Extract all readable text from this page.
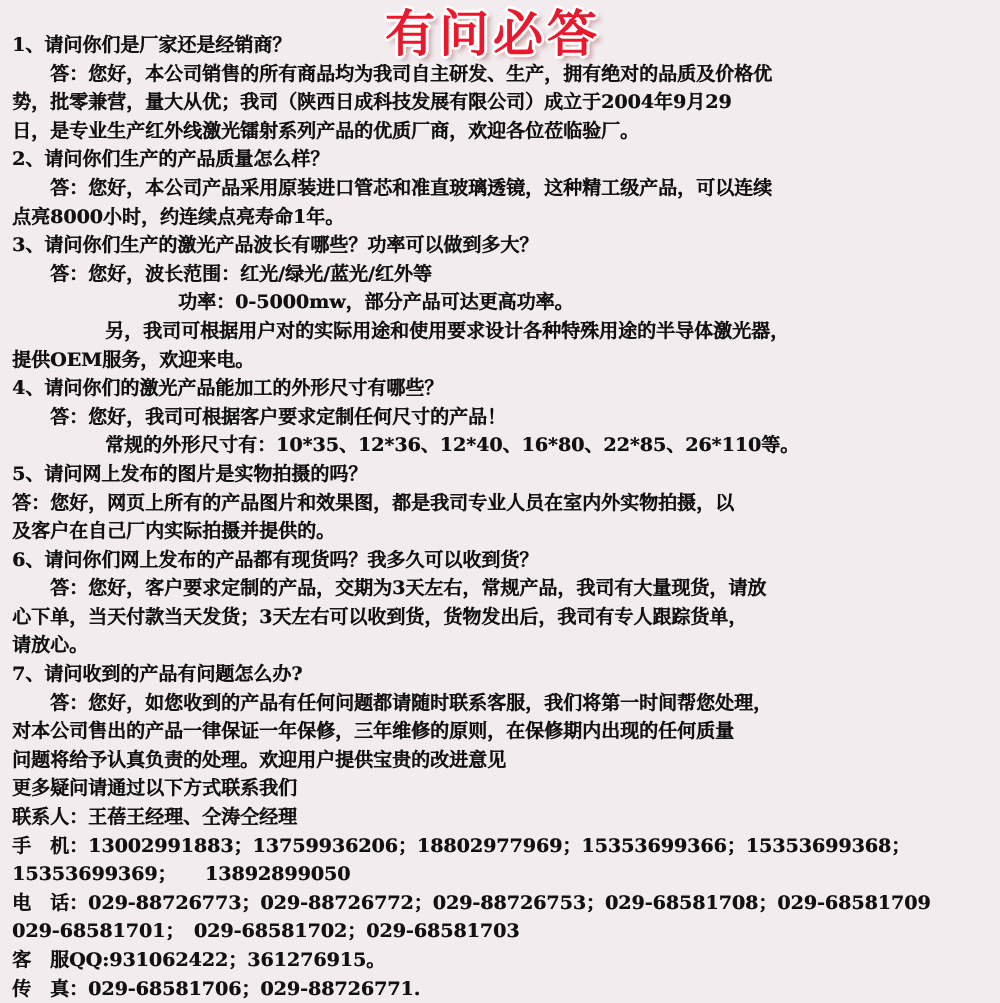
有问必答
1、请问你们是厂家还是经销商？
答：您好，本公司销售的所有商品均为我司自主研发、生产，拥有绝对的品质及价格优
势，批零兼营，量大从优；我司（陕西日成科技发展有限公司）成立于2004年9月29
日，是专业生产红外线激光镭射系列产品的优质厂商，欢迎各位莅临验厂。
2、请问你们生产的产品质量怎么样？
答：您好，本公司产品采用原装进口管芯和准直玻璃透镜，这种精工级产品，可以连续
点亮8000小时，约连续点亮寿命1年。
3、请问你们生产的激光产品波长有哪些？功率可以做到多大？
答：您好，波长范围：红光/绿光/蓝光/红外等
功率：0-5000mw，部分产品可达更高功率。
另，我司可根据用户对的实际用途和使用要求设计各种特殊用途的半导体激光器，
提供OEM服务，欢迎来电。
4、请问你们的激光产品能加工的外形尺寸有哪些？
答：您好，我司可根据客户要求定制任何尺寸的产品！
常规的外形尺寸有：10*35、12*36、12*40、16*80、22*85、26*110等。
5、请问网上发布的图片是实物拍摄的吗？
答：您好，网页上所有的产品图片和效果图，都是我司专业人员在室内外实物拍摄，以
及客户在自己厂内实际拍摄并提供的。
6、请问你们网上发布的产品都有现货吗？我多久可以收到货？
答：您好，客户要求定制的产品，交期为3天左右，常规产品，我司有大量现货，请放
心下单，当天付款当天发货；3天左右可以收到货，货物发出后，我司有专人跟踪货单，
请放心。
7、请问收到的产品有问题怎么办?
答：您好，如您收到的产品有任何问题都请随时联系客服，我们将第一时间帮您处理，
对本公司售出的产品一律保证一年保修，三年维修的原则，在保修期内出现的任何质量
问题将给予认真负责的处理。欢迎用户提供宝贵的改进意见
更多疑问请通过以下方式联系我们
联系人：王蓓王经理、仝涛仝经理
手　机：13002991883；13759936206；18802977969；15353699366；15353699368；
15353699369；　　13892899050
电　话：029-88726773；029-88726772；029-88726753；029-68581708；029-68581709
029-68581701；　029-68581702；029-68581703
客　服QQ:931062422；361276915。
传　真：029-68581706；029-88726771.
